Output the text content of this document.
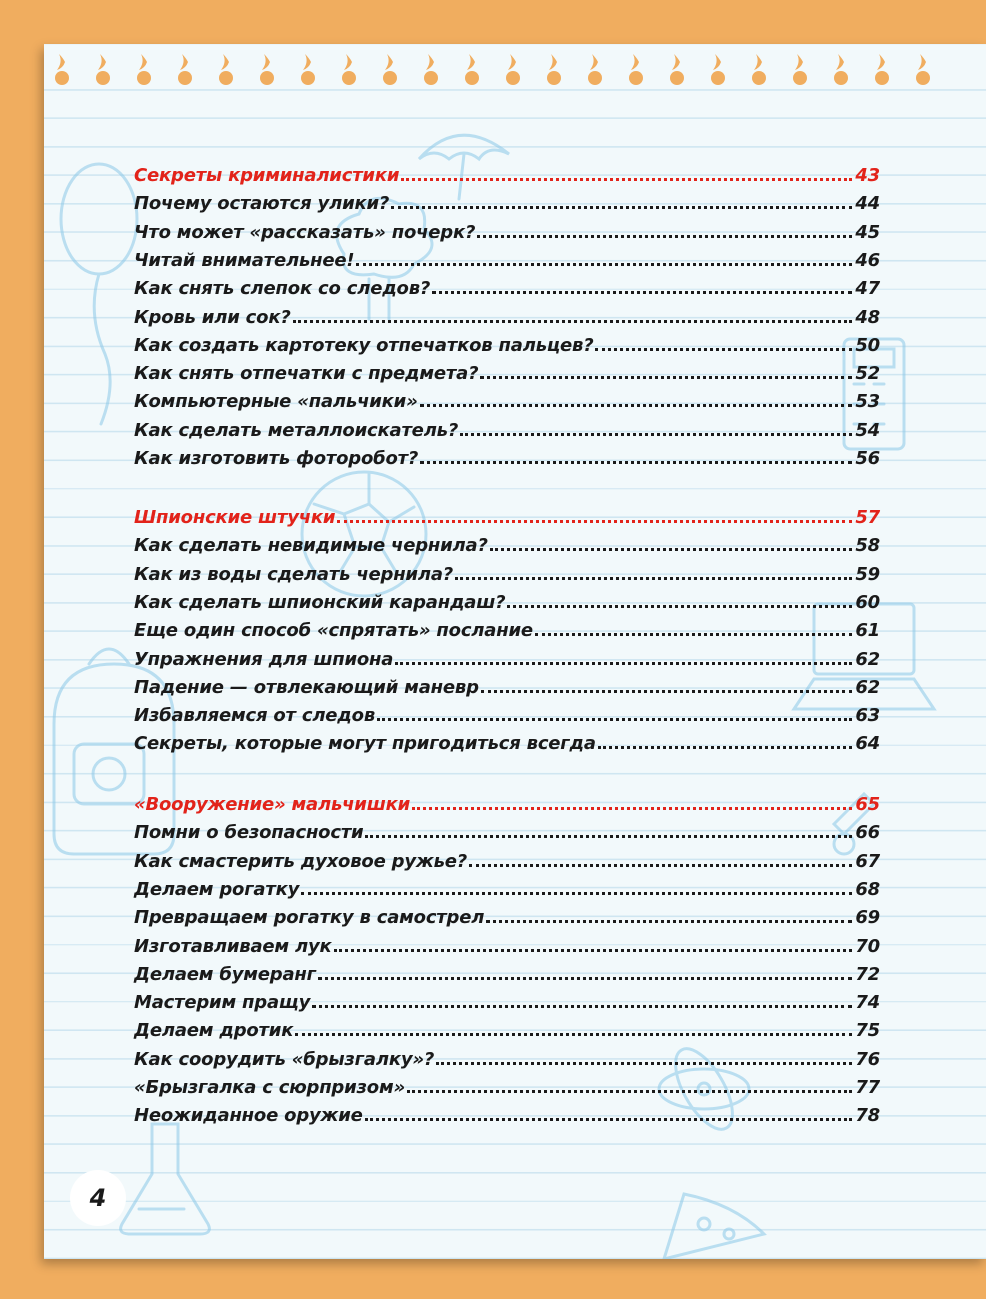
Секреты криминалистики	43
Почему остаются улики?	44
Что может «рассказать» почерк?	45
Читай внимательнее!	46
Как снять слепок со следов?	47
Кровь или сок?	48
Как создать картотеку отпечатков пальцев?	50
Как снять отпечатки с предмета?	52
Компьютерные «пальчики»	53
Как сделать металлоискатель?	54
Как изготовить фоторобот?	56
Шпионские штучки	57
Как сделать невидимые чернила?	58
Как из воды сделать чернила?	59
Как сделать шпионский карандаш?	60
Еще один способ «спрятать» послание	61
Упражнения для шпиона	62
Падение — отвлекающий маневр	62
Избавляемся от следов	63
Секреты, которые могут пригодиться всегда	64
«Вооружение» мальчишки	65
Помни о безопасности	66
Как смастерить духовое ружье?	67
Делаем рогатку	68
Превращаем рогатку в самострел	69
Изготавливаем лук	70
Делаем бумеранг	72
Мастерим пращу	74
Делаем дротик	75
Как соорудить «брызгалку»?	76
«Брызгалка с сюрпризом»	77
Неожиданное оружие	78
4
